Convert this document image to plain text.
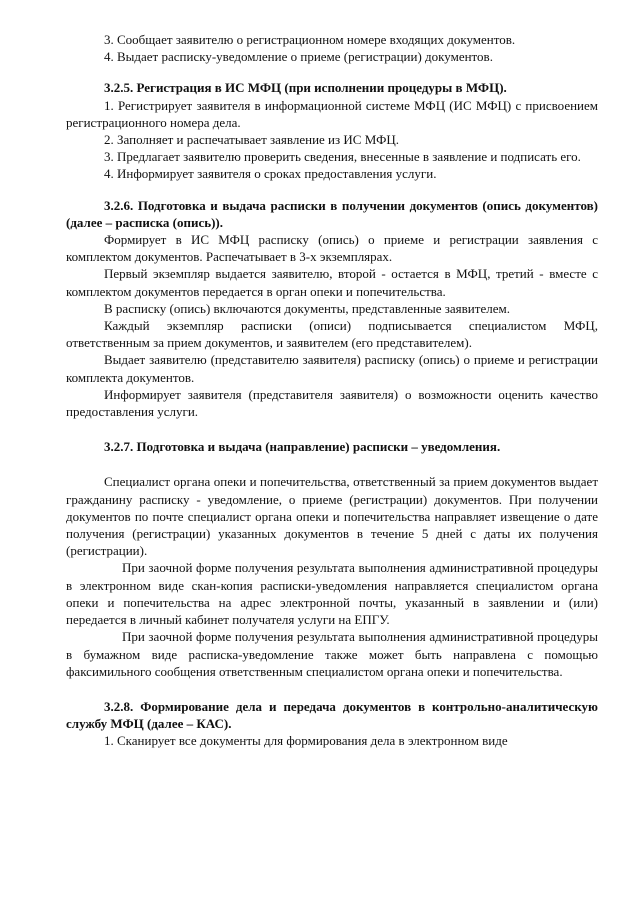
3. Сообщает заявителю о регистрационном номере входящих документов.

4. Выдает расписку-уведомление о приеме (регистрации) документов.

3.2.5. Регистрация в ИС МФЦ (при исполнении процедуры в МФЦ).

1. Регистрирует заявителя в информационной системе МФЦ (ИС МФЦ) с присвоением регистрационного номера дела.

2. Заполняет и распечатывает заявление из ИС МФЦ.

3. Предлагает заявителю проверить сведения, внесенные в заявление и подписать его.

4. Информирует заявителя о сроках предоставления услуги.

3.2.6. Подготовка и выдача расписки в получении документов (опись документов) (далее – расписка (опись)).

Формирует в ИС МФЦ расписку (опись) о приеме и регистрации заявления с комплектом документов. Распечатывает в 3-х экземплярах.

Первый экземпляр выдается заявителю, второй - остается в МФЦ, третий - вместе с комплектом документов передается в орган опеки и попечительства.

В расписку (опись) включаются документы, представленные заявителем.

Каждый экземпляр расписки (описи) подписывается специалистом МФЦ, ответственным за прием документов, и заявителем (его представителем).

Выдает заявителю (представителю заявителя) расписку (опись) о приеме и регистрации комплекта документов.

Информирует заявителя (представителя заявителя) о возможности оценить качество предоставления услуги.

3.2.7. Подготовка и выдача (направление) расписки – уведомления.

Специалист органа опеки и попечительства, ответственный за прием документов выдает гражданину расписку - уведомление, о приеме (регистрации) документов. При получении документов по почте специалист органа опеки и попечительства направляет извещение о дате получения (регистрации) указанных документов в течение 5 дней с даты их получения (регистрации).

При заочной форме получения результата выполнения административной процедуры в электронном виде скан-копия расписки-уведомления направляется специалистом органа опеки и попечительства на адрес электронной почты, указанный в заявлении и (или) передается в личный кабинет получателя услуги на ЕПГУ.

При заочной форме получения результата выполнения административной процедуры в бумажном виде расписка-уведомление также может быть направлена с помощью факсимильного сообщения ответственным специалистом органа опеки и попечительства.

3.2.8. Формирование дела и передача документов в контрольно-аналитическую службу МФЦ (далее – КАС).

1. Сканирует все документы для формирования дела в электронном виде
